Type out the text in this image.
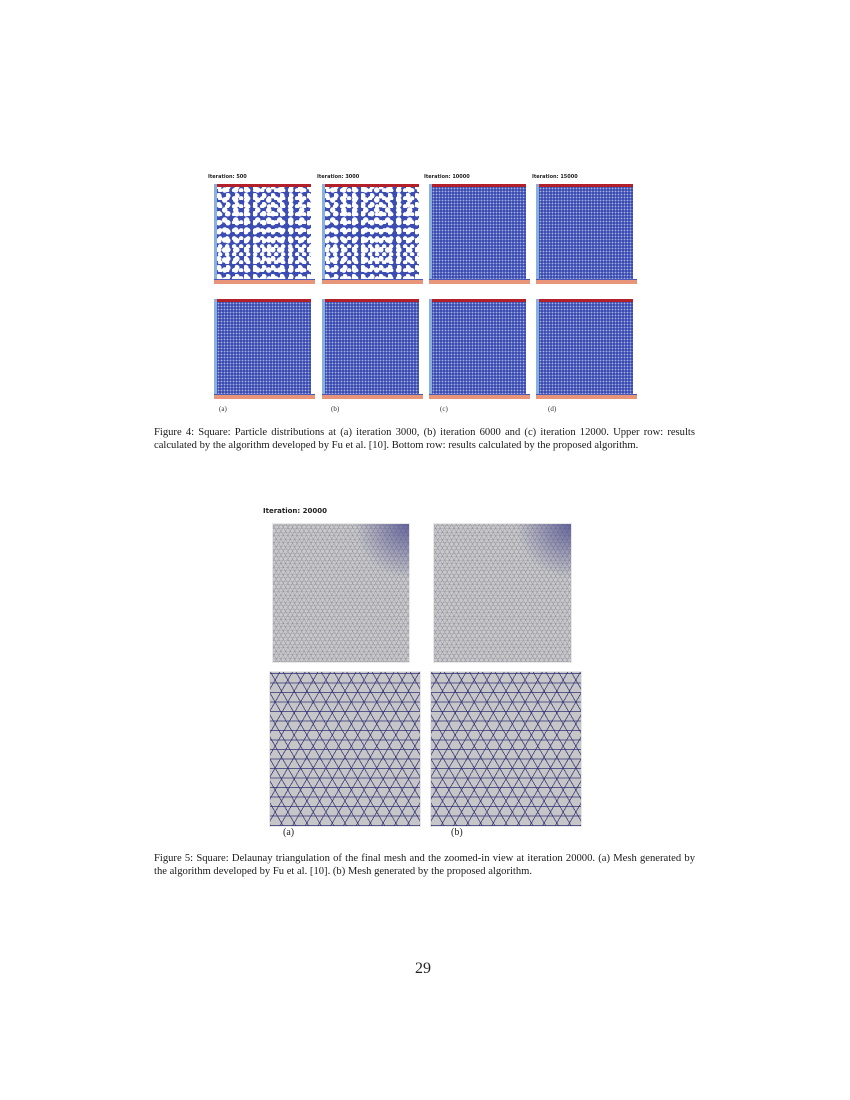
Iteration: 500	Iteration: 3000	Iteration: 10000	Iteration: 15000
(a)	(b)	(c)	(d)
Figure 4: Square: Particle distributions at (a) iteration 3000, (b) iteration 6000 and (c) iteration 12000. Upper row: results calculated by the algorithm developed by Fu et al. [10]. Bottom row: results calculated by the proposed algorithm.
Iteration: 20000
(a)	(b)
Figure 5: Square: Delaunay triangulation of the final mesh and the zoomed-in view at iteration 20000. (a) Mesh generated by the algorithm developed by Fu et al. [10]. (b) Mesh generated by the proposed algorithm.
29
